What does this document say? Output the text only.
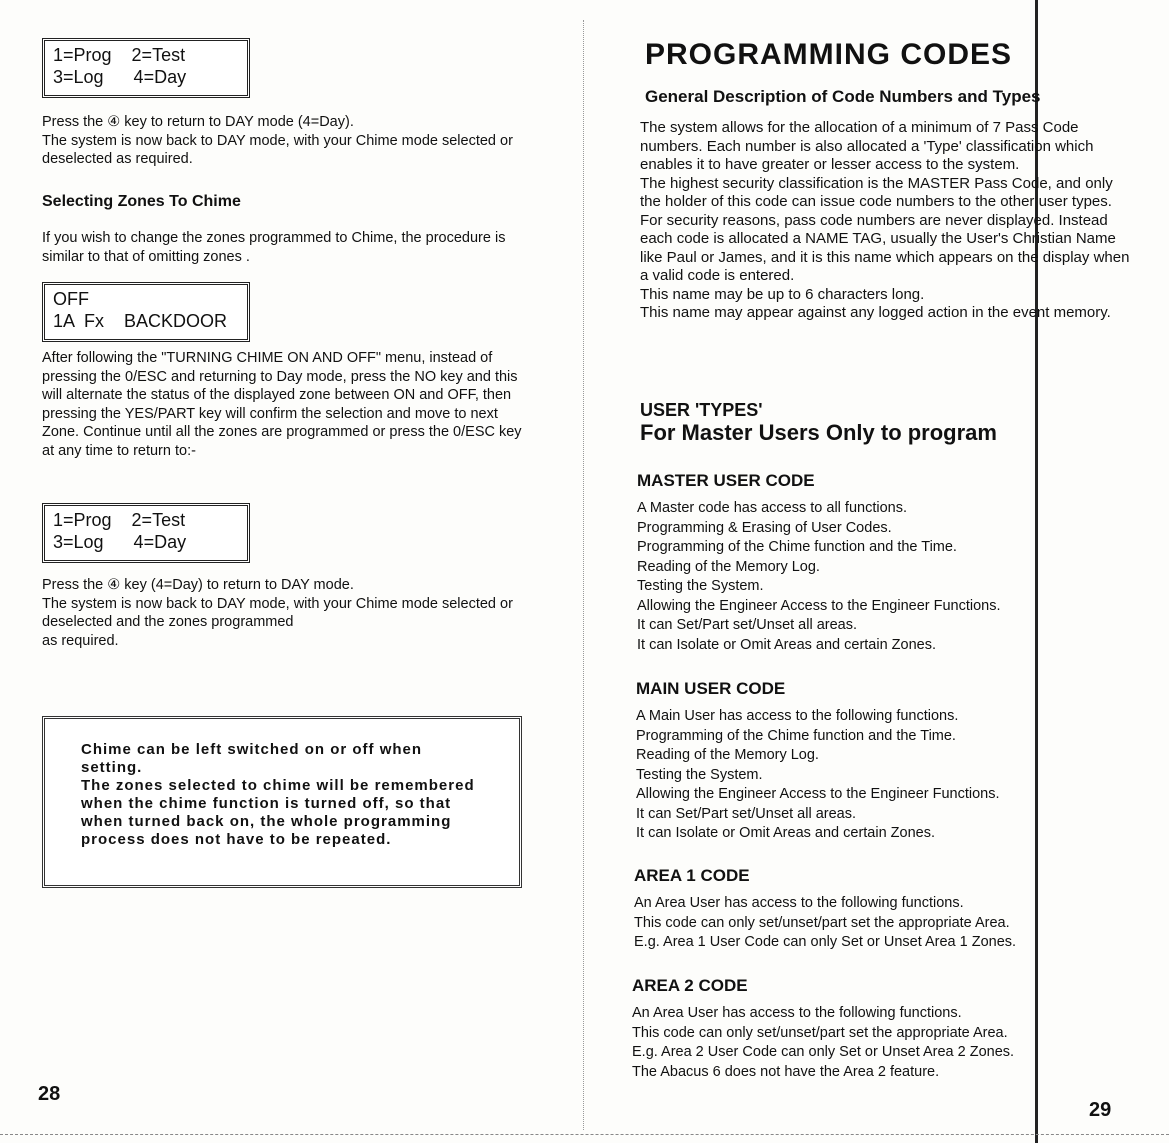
1=Prog    2=Test
3=Log      4=Day
Press the ④ key to return to DAY mode (4=Day).
The system is now back to DAY mode, with your Chime mode selected or deselected as required.
Selecting Zones To Chime
If you wish to change the zones programmed to Chime, the procedure is similar to that of omitting zones .
OFF
1A  Fx    BACKDOOR
After following the "TURNING CHIME ON AND OFF" menu, instead of pressing the 0/ESC and returning to Day mode, press the NO key and this will alternate the status of the displayed zone between ON and OFF, then pressing the YES/PART key will confirm the selection and move to next Zone. Continue until all the zones are programmed or press the 0/ESC key at any time to return to:-
1=Prog    2=Test
3=Log      4=Day
Press the ④ key (4=Day) to return to DAY mode.
The system is now back to DAY mode, with your Chime mode selected or deselected and the zones programmed
as required.
Chime can be left switched on or off when setting.
The zones selected to chime will be remembered when the chime function is turned off, so that when turned back on, the whole programming process does not have to be repeated.
28
PROGRAMMING CODES
General Description of Code Numbers and Types
The system allows for the allocation of a minimum of 7 Pass Code numbers. Each number is also allocated a 'Type' classification which enables it to have greater or lesser access to the system.
The highest security classification is the MASTER Pass Code, and only the holder of this code can issue code numbers to the other user types.
For security reasons, pass code numbers are never displayed. Instead each code is allocated a NAME TAG, usually the User's Christian Name like Paul or James, and it is this name which appears on the display when a valid code is entered.
This name may be up to 6 characters long.
This name may appear against any logged action in the event memory.
USER 'TYPES'
For Master Users Only to program
MASTER USER CODE
A Master code has access to all functions.
Programming & Erasing of User Codes.
Programming of the Chime function and the Time.
Reading of the Memory Log.
Testing the System.
Allowing the Engineer Access to the Engineer Functions.
It can Set/Part set/Unset all areas.
It can Isolate or Omit Areas and certain Zones.
MAIN USER CODE
A Main User has access to the following functions.
Programming of the Chime function and the Time.
Reading of the Memory Log.
Testing the System.
Allowing the Engineer Access to the Engineer Functions.
It can Set/Part set/Unset all areas.
It can Isolate or Omit Areas and certain Zones.
AREA 1 CODE
An Area User has access to the following functions.
This code can only set/unset/part set the appropriate Area.
E.g. Area 1 User Code can only Set or Unset Area 1 Zones.
AREA 2 CODE
An Area User has access to the following functions.
This code can only set/unset/part set the appropriate Area.
E.g. Area 2 User Code can only Set or Unset Area 2 Zones.
The Abacus 6 does not have the Area 2 feature.
29
